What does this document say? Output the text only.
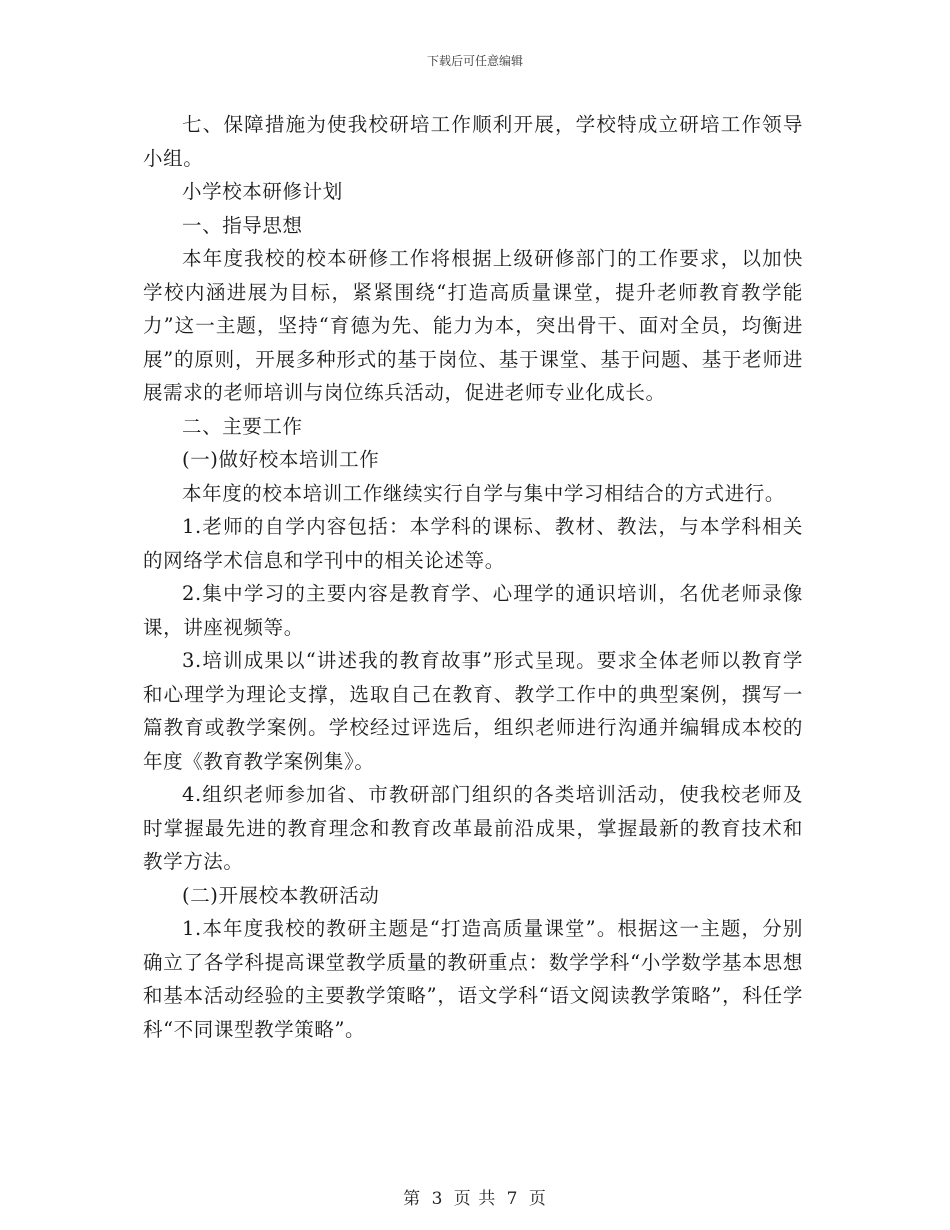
下载后可任意编辑

七、保障措施为使我校研培工作顺利开展，学校特成立研培工作领导小组。

小学校本研修计划

一、指导思想

本年度我校的校本研修工作将根据上级研修部门的工作要求，以加快学校内涵进展为目标，紧紧围绕“打造高质量课堂，提升老师教育教学能力”这一主题，坚持“育德为先、能力为本，突出骨干、面对全员，均衡进展”的原则，开展多种形式的基于岗位、基于课堂、基于问题、基于老师进展需求的老师培训与岗位练兵活动，促进老师专业化成长。

二、主要工作

(一)做好校本培训工作

本年度的校本培训工作继续实行自学与集中学习相结合的方式进行。

1.老师的自学内容包括：本学科的课标、教材、教法，与本学科相关的网络学术信息和学刊中的相关论述等。

2.集中学习的主要内容是教育学、心理学的通识培训，名优老师录像课，讲座视频等。

3.培训成果以“讲述我的教育故事”形式呈现。要求全体老师以教育学和心理学为理论支撑，选取自己在教育、教学工作中的典型案例，撰写一篇教育或教学案例。学校经过评选后，组织老师进行沟通并编辑成本校的年度《教育教学案例集》。

4.组织老师参加省、市教研部门组织的各类培训活动，使我校老师及时掌握最先进的教育理念和教育改革最前沿成果，掌握最新的教育技术和教学方法。

(二)开展校本教研活动

1.本年度我校的教研主题是“打造高质量课堂”。根据这一主题，分别确立了各学科提高课堂教学质量的教研重点：数学学科“小学数学基本思想和基本活动经验的主要教学策略”，语文学科“语文阅读教学策略”，科任学科“不同课型教学策略”。

第 3 页 共 7 页
